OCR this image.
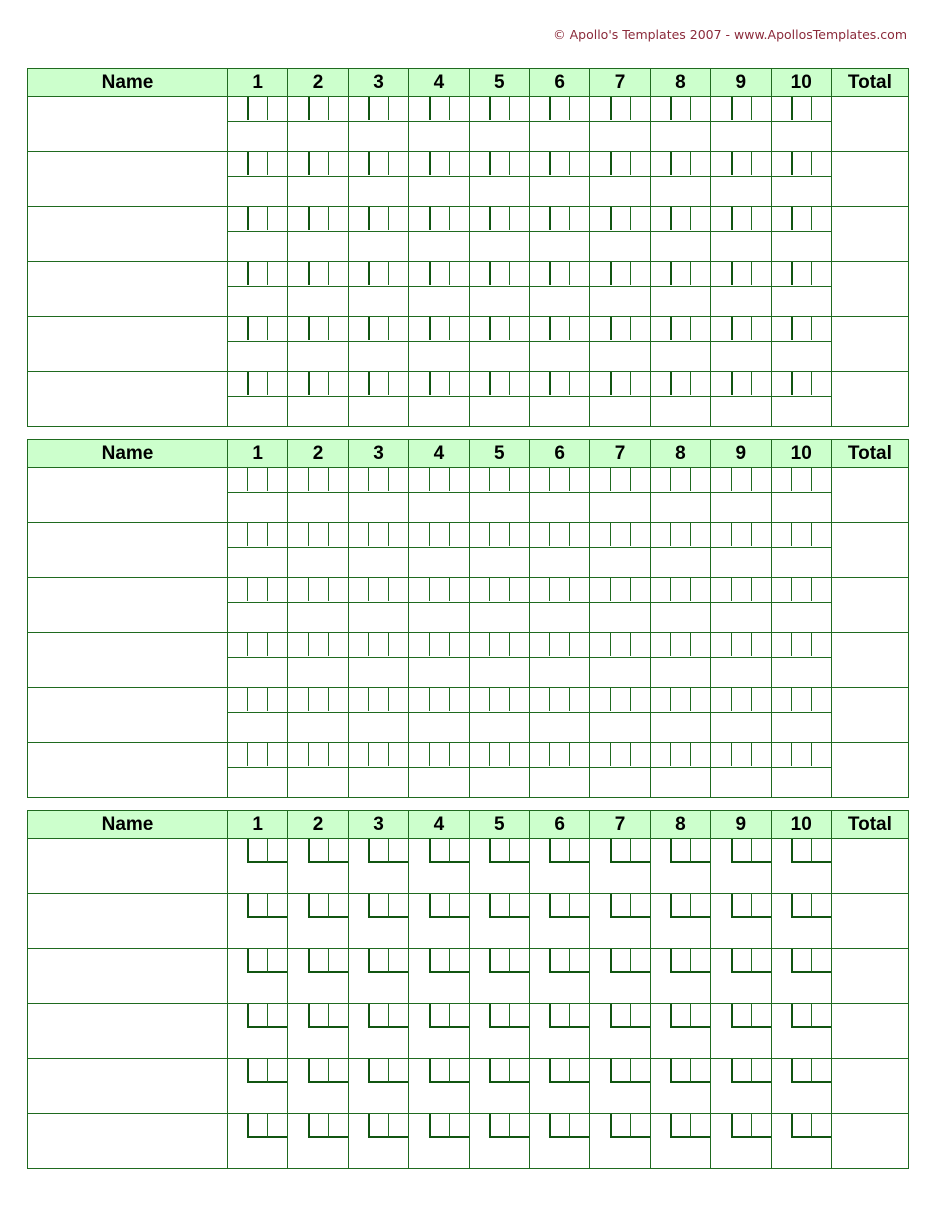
© Apollo's Templates 2007 - www.ApollosTemplates.com
Name	1	2	3	4	5	6	7	8	9	10	Total

Name	1	2	3	4	5	6	7	8	9	10	Total

Name	1	2	3	4	5	6	7	8	9	10	Total
